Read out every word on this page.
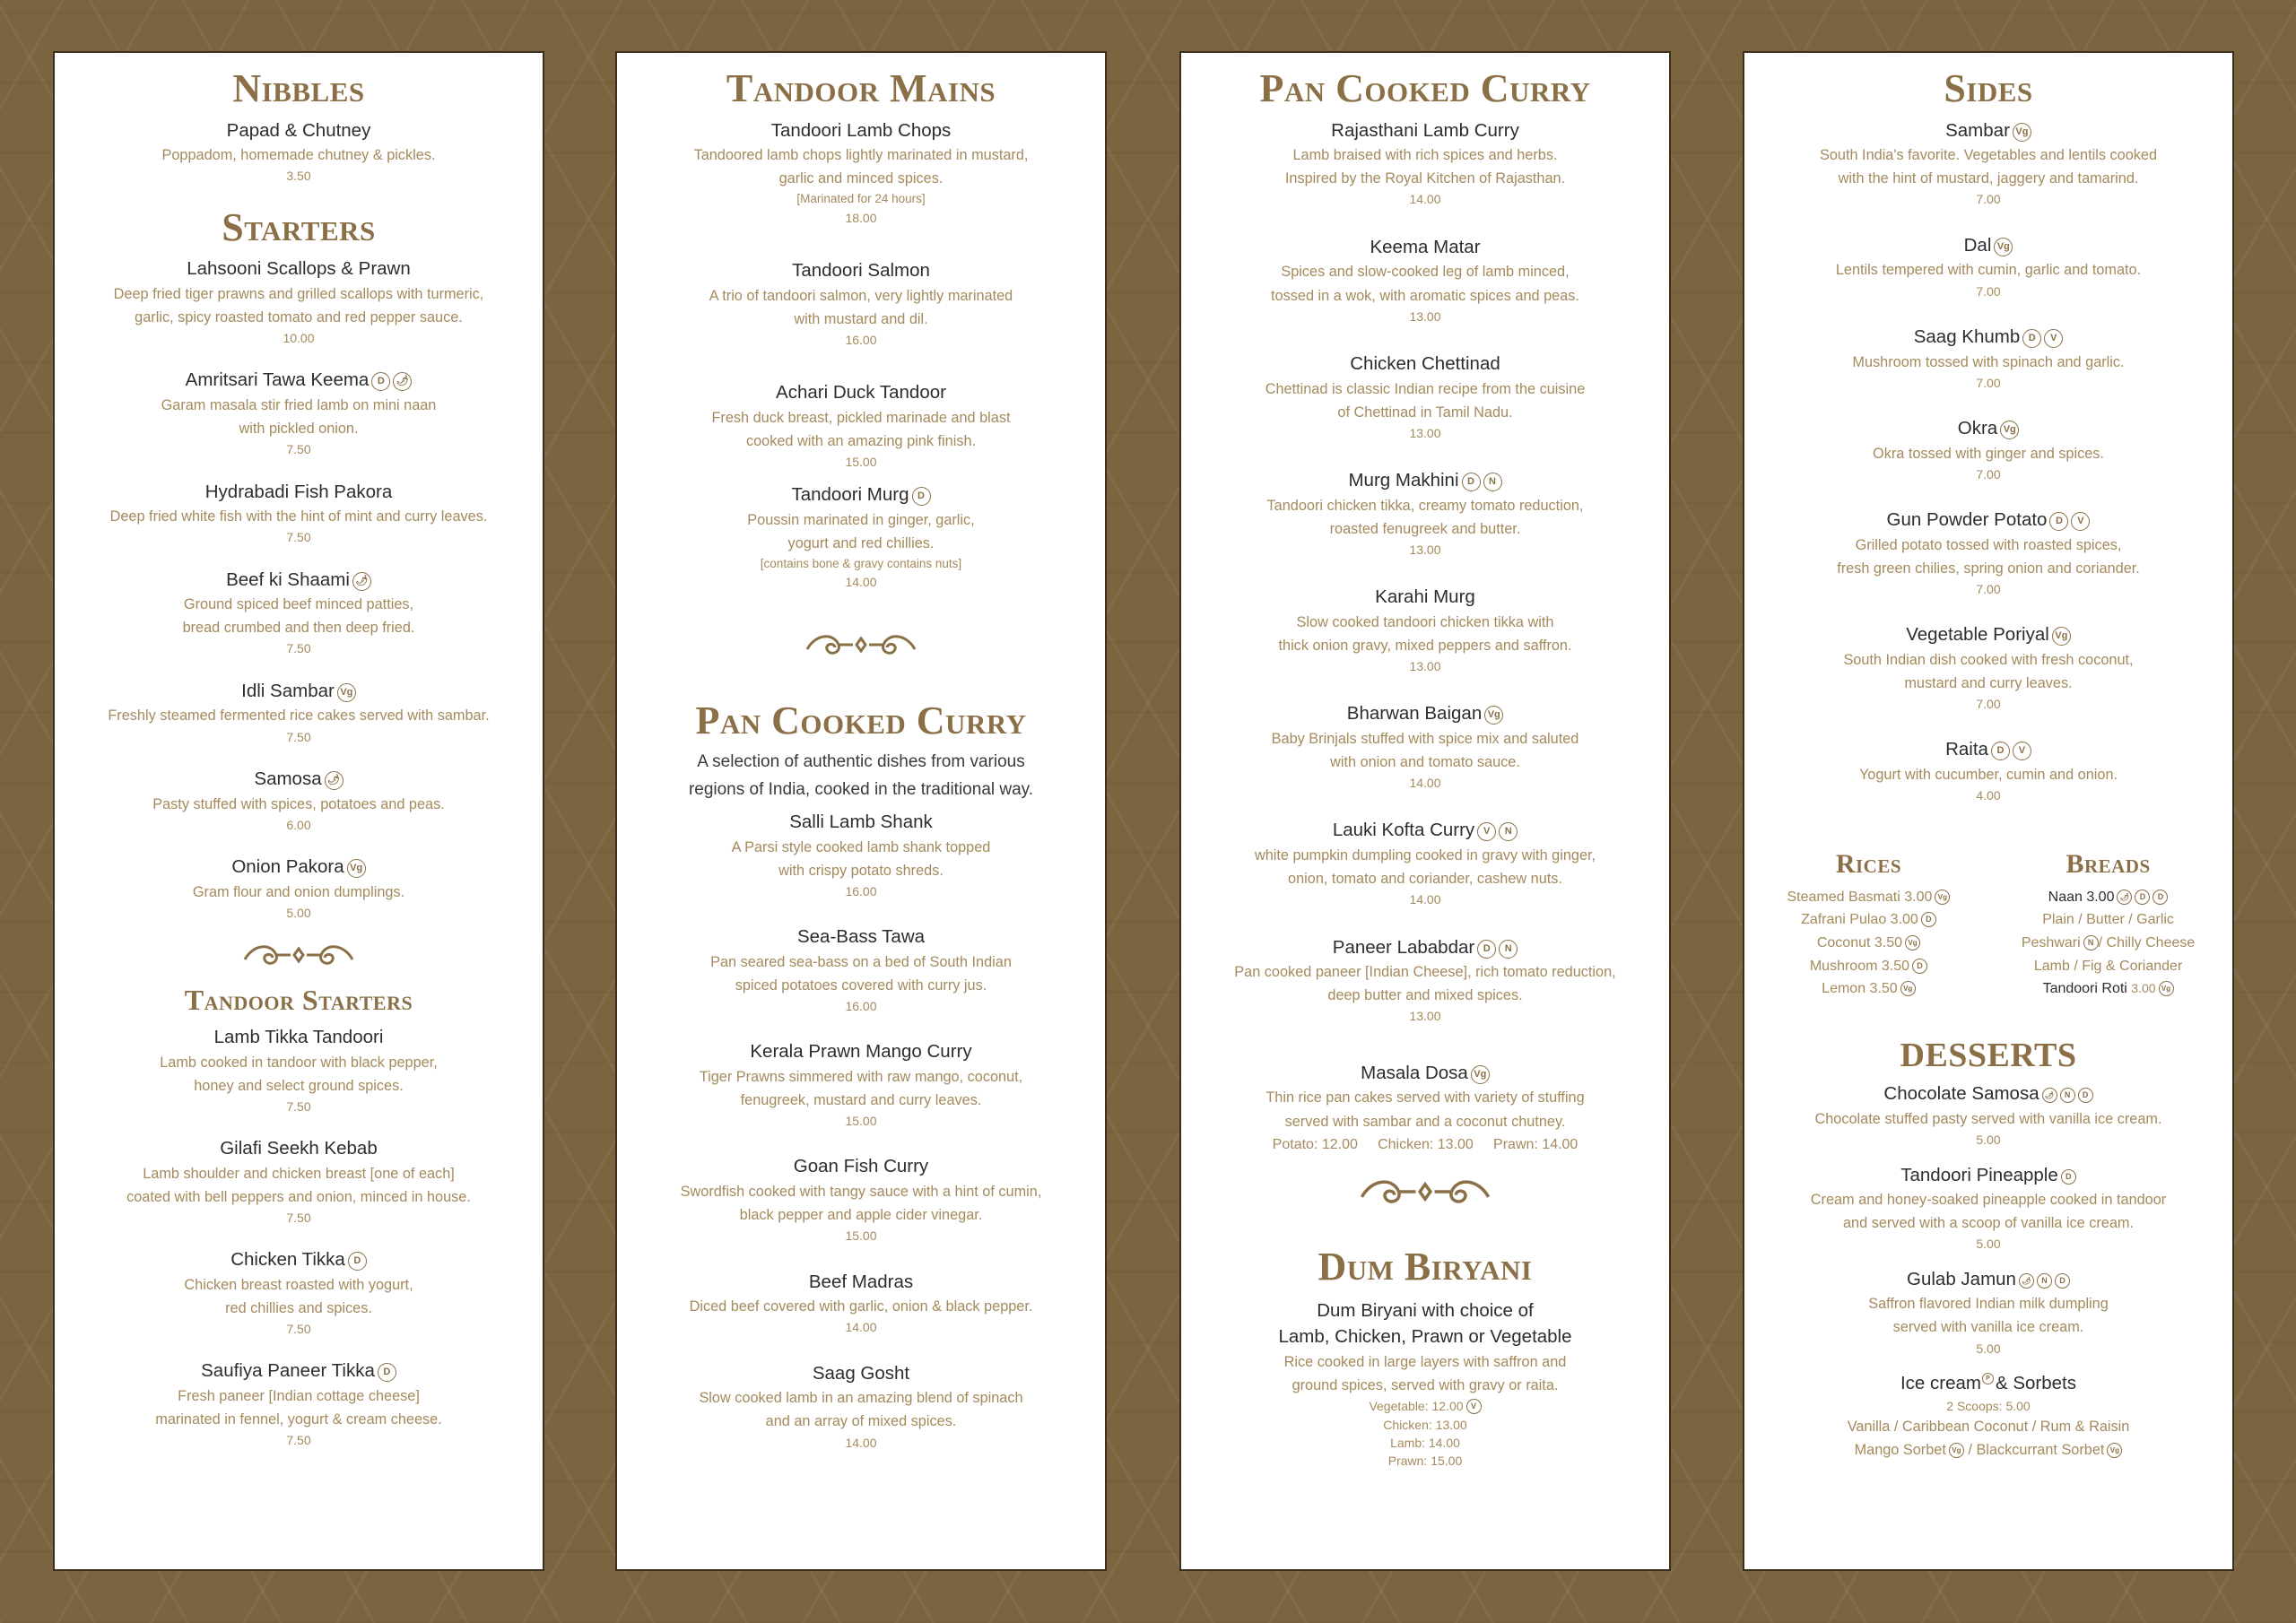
Nibbles
Papad & Chutney
Poppadom, homemade chutney & pickles.
3.50
Starters
Lahsooni Scallops & Prawn
Deep fried tiger prawns and grilled scallops with turmeric,
garlic, spicy roasted tomato and red pepper sauce.
10.00
Amritsari Tawa Keema D 🌶
Garam masala stir fried lamb on mini naan
with pickled onion.
7.50
Hydrabadi Fish Pakora
Deep fried white fish with the hint of mint and curry leaves.
7.50
Beef ki Shaami 🌶
Ground spiced beef minced patties,
bread crumbed and then deep fried.
7.50
Idli Sambar Vg
Freshly steamed fermented rice cakes served with sambar.
7.50
Samosa 🌶
Pasty stuffed with spices, potatoes and peas.
6.00
Onion Pakora Vg
Gram flour and onion dumplings.
5.00
Tandoor Starters
Lamb Tikka Tandoori
Lamb cooked in tandoor with black pepper,
honey and select ground spices.
7.50
Gilafi Seekh Kebab
Lamb shoulder and chicken breast [one of each]
coated with bell peppers and onion, minced in house.
7.50
Chicken Tikka D
Chicken breast roasted with yogurt,
red chillies and spices.
7.50
Saufiya Paneer Tikka D
Fresh paneer [Indian cottage cheese]
marinated in fennel, yogurt & cream cheese.
7.50
Tandoor Mains
Tandoori Lamb Chops
Tandoored lamb chops lightly marinated in mustard,
garlic and minced spices.
[Marinated for 24 hours]
18.00
Tandoori Salmon
A trio of tandoori salmon, very lightly marinated
with mustard and dil.
16.00
Achari Duck Tandoor
Fresh duck breast, pickled marinade and blast
cooked with an amazing pink finish.
15.00
Tandoori Murg D
Poussin marinated in ginger, garlic,
yogurt and red chillies.
[contains bone & gravy contains nuts]
14.00
Pan Cooked Curry
A selection of authentic dishes from various
regions of India, cooked in the traditional way.
Salli Lamb Shank
A Parsi style cooked lamb shank topped
with crispy potato shreds.
16.00
Sea-Bass Tawa
Pan seared sea-bass on a bed of South Indian
spiced potatoes covered with curry jus.
16.00
Kerala Prawn Mango Curry
Tiger Prawns simmered with raw mango, coconut,
fenugreek, mustard and curry leaves.
15.00
Goan Fish Curry
Swordfish cooked with tangy sauce with a hint of cumin,
black pepper and apple cider vinegar.
15.00
Beef Madras
Diced beef covered with garlic, onion & black pepper.
14.00
Saag Gosht
Slow cooked lamb in an amazing blend of spinach
and an array of mixed spices.
14.00
Pan Cooked Curry
Rajasthani Lamb Curry
Lamb braised with rich spices and herbs.
Inspired by the Royal Kitchen of Rajasthan.
14.00
Keema Matar
Spices and slow-cooked leg of lamb minced,
tossed in a wok, with aromatic spices and peas.
13.00
Chicken Chettinad
Chettinad is classic Indian recipe from the cuisine
of Chettinad in Tamil Nadu.
13.00
Murg Makhini D N
Tandoori chicken tikka, creamy tomato reduction,
roasted fenugreek and butter.
13.00
Karahi Murg
Slow cooked tandoori chicken tikka with
thick onion gravy, mixed peppers and saffron.
13.00
Bharwan Baigan Vg
Baby Brinjals stuffed with spice mix and saluted
with onion and tomato sauce.
14.00
Lauki Kofta Curry V N
white pumpkin dumpling cooked in gravy with ginger,
onion, tomato and coriander, cashew nuts.
14.00
Paneer Lababdar D N
Pan cooked paneer [Indian Cheese], rich tomato reduction,
deep butter and mixed spices.
13.00
Masala Dosa Vg
Thin rice pan cakes served with variety of stuffing
served with sambar and a coconut chutney.
Potato: 12.00     Chicken: 13.00     Prawn: 14.00
Dum Biryani
Dum Biryani with choice of
Lamb, Chicken, Prawn or Vegetable
Rice cooked in large layers with saffron and
ground spices, served with gravy or raita.
Vegetable: 12.00 V
Chicken: 13.00
Lamb: 14.00
Prawn: 15.00
Sides
Sambar Vg
South India's favorite. Vegetables and lentils cooked
with the hint of mustard, jaggery and tamarind.
7.00
Dal Vg
Lentils tempered with cumin, garlic and tomato.
7.00
Saag Khumb D V
Mushroom tossed with spinach and garlic.
7.00
Okra Vg
Okra tossed with ginger and spices.
7.00
Gun Powder Potato D V
Grilled potato tossed with roasted spices,
fresh green chilies, spring onion and coriander.
7.00
Vegetable Poriyal Vg
South Indian dish cooked with fresh coconut,
mustard and curry leaves.
7.00
Raita D V
Yogurt with cucumber, cumin and onion.
4.00
Rices
Steamed Basmati 3.00 Vg
Zafrani Pulao 3.00 D
Coconut 3.50 Vg
Mushroom 3.50 D
Lemon 3.50 Vg
Breads
Naan 3.00 🌶 D D
Plain / Butter / Garlic
Peshwari N / Chilly Cheese
Lamb / Fig & Coriander
Tandoori Roti 3.00 Vg
DESSERTS
Chocolate Samosa 🌶 N D
Chocolate stuffed pasty served with vanilla ice cream.
5.00
Tandoori Pineapple D
Cream and honey-soaked pineapple cooked in tandoor
and served with a scoop of vanilla ice cream.
5.00
Gulab Jamun 🌶 N D
Saffron flavored Indian milk dumpling
served with vanilla ice cream.
5.00
Ice cream $^P$ & Sorbets
2 Scoops: 5.00
Vanilla / Caribbean Coconut / Rum & Raisin
Mango Sorbet Vg / Blackcurrant Sorbet Vg
